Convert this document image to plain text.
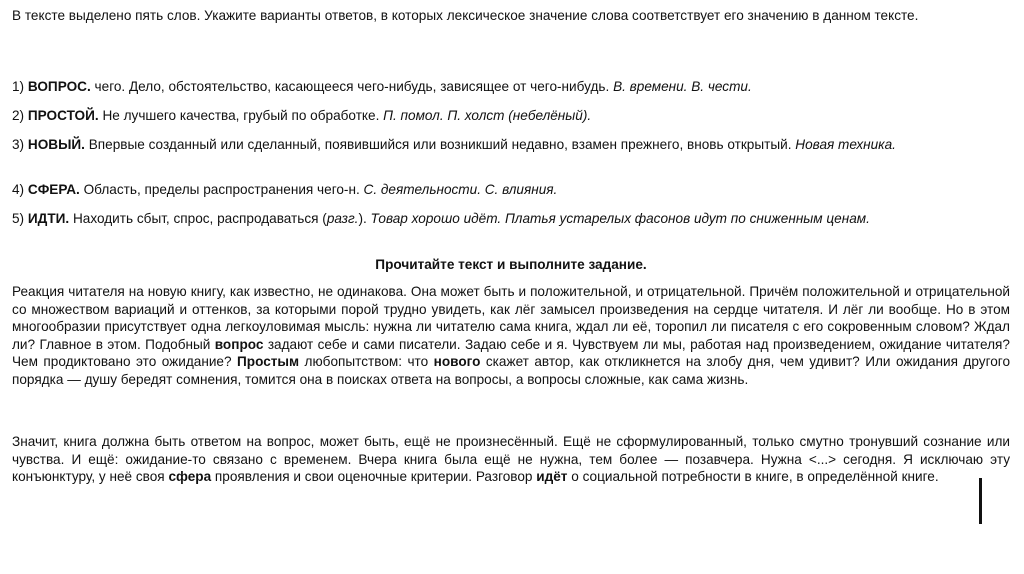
В тексте выделено пять слов. Укажите варианты ответов, в которых лексическое значение слова соответствует его значению в данном тексте.

1) ВОПРОС. чего. Дело, обстоятельство, касающееся чего-нибудь, зависящее от чего-нибудь. В. времени. В. чести.

2) ПРОСТОЙ. Не лучшего качества, грубый по обработке. П. помол. П. холст (небелёный).

3) НОВЫЙ. Впервые созданный или сделанный, появившийся или возникший недавно, взамен прежнего, вновь открытый. Новая техника.

4) СФЕРА. Область, пределы распространения чего-н. С. деятельности. С. влияния.

5) ИДТИ. Находить сбыт, спрос, распродаваться (разг.). Товар хорошо идёт. Платья устарелых фасонов идут по сниженным ценам.

Прочитайте текст и выполните задание.

Реакция читателя на новую книгу, как известно, не одинакова. Она может быть и положительной, и отрицательной. Причём положительной и отрицательной со множеством вариаций и оттенков, за которыми порой трудно увидеть, как лёг замысел произведения на сердце читателя. И лёг ли вообще. Но в этом многообразии присутствует одна легкоуловимая мысль: нужна ли читателю сама книга, ждал ли её, торопил ли писателя с его сокровенным словом? Ждал ли? Главное в этом. Подобный вопрос задают себе и сами писатели. Задаю себе и я. Чувствуем ли мы, работая над произведением, ожидание читателя? Чем продиктовано это ожидание? Простым любопытством: что нового скажет автор, как откликнется на злобу дня, чем удивит? Или ожидания другого порядка — душу бередят сомнения, томится она в поисках ответа на вопросы, а вопросы сложные, как сама жизнь.

Значит, книга должна быть ответом на вопрос, может быть, ещё не произнесённый. Ещё не сформулированный, только смутно тронувший сознание или чувства. И ещё: ожидание-то связано с временем. Вчера книга была ещё не нужна, тем более — позавчера. Нужна <...> сегодня. Я исключаю эту конъюнктуру, у неё своя сфера проявления и свои оценочные критерии. Разговор идёт о социальной потребности в книге, в определённой книге.
